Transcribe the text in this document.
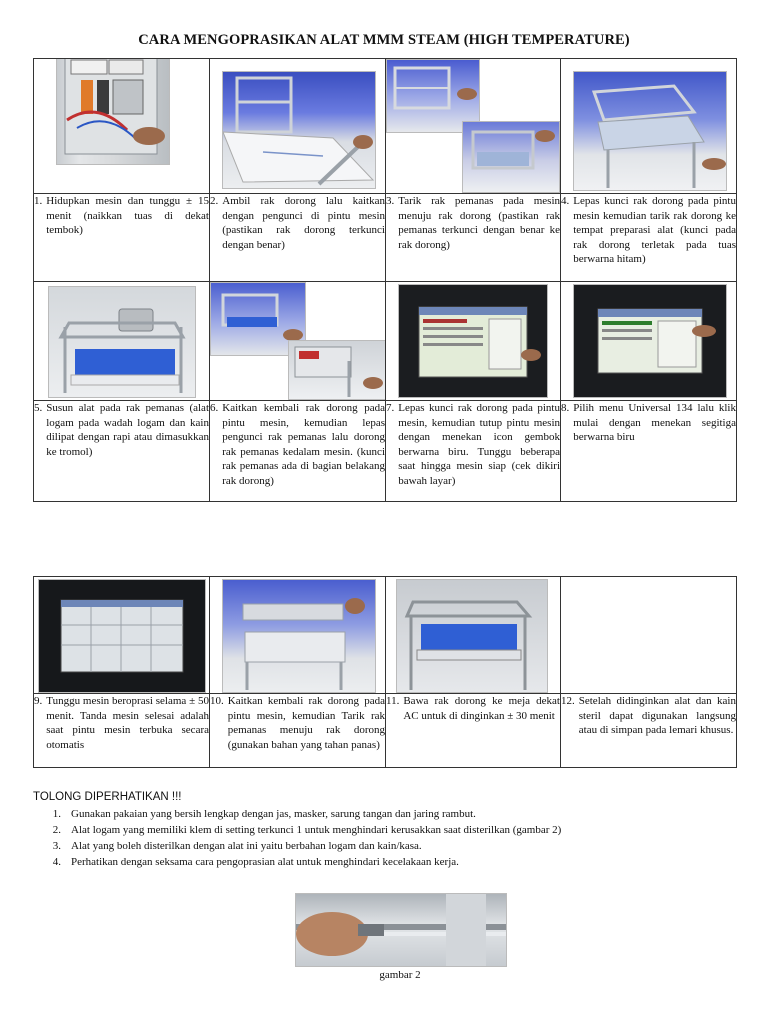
CARA MENGOPRASIKAN ALAT MMM STEAM (HIGH TEMPERATURE)

1. Hidupkan mesin dan tunggu ± 15 menit (naikkan tuas di dekat tembok)	2. Ambil rak dorong lalu kaitkan dengan pengunci di pintu mesin (pastikan rak dorong terkunci dengan benar)	3. Tarik rak pemanas pada mesin menuju rak dorong (pastikan rak pemanas terkunci dengan benar ke rak dorong)	4. Lepas kunci rak dorong pada pintu mesin kemudian tarik rak dorong ke tempat preparasi alat (kunci pada rak dorong terletak pada tuas berwarna hitam)

5. Susun alat pada rak pemanas (alat logam pada wadah logam dan kain dilipat dengan rapi atau dimasukkan ke tromol)	6. Kaitkan kembali rak dorong pada pintu mesin, kemudian lepas pengunci rak pemanas lalu dorong rak pemanas kedalam mesin. (kunci rak pemanas ada di bagian belakang rak dorong)	7. Lepas kunci rak dorong pada pintu mesin, kemudian tutup pintu mesin dengan menekan icon gembok berwarna biru. Tunggu beberapa saat hingga mesin siap (cek dikiri bawah layar)	8. Pilih menu Universal 134 lalu klik mulai dengan menekan segitiga berwarna biru

9. Tunggu mesin beroprasi selama ± 50 menit. Tanda mesin selesai adalah saat pintu mesin terbuka secara otomatis	10. Kaitkan kembali rak dorong pada pintu mesin, kemudian Tarik rak pemanas menuju rak dorong (gunakan bahan yang tahan panas)	11. Bawa rak dorong ke meja dekat AC untuk di dinginkan ± 30 menit	12. Setelah didinginkan alat dan kain steril dapat digunakan langsung atau di simpan pada lemari khusus.
TOLONG DIPERHATIKAN !!!
1. Gunakan pakaian yang bersih lengkap dengan jas, masker, sarung tangan dan jaring rambut.
2. Alat logam yang memiliki klem di setting terkunci 1 untuk menghindari kerusakkan saat disterilkan (gambar 2)
3. Alat yang boleh disterilkan dengan alat ini yaitu berbahan logam dan kain/kasa.
4. Perhatikan dengan seksama cara pengoprasian alat untuk menghindari kecelakaan kerja.
gambar 2
